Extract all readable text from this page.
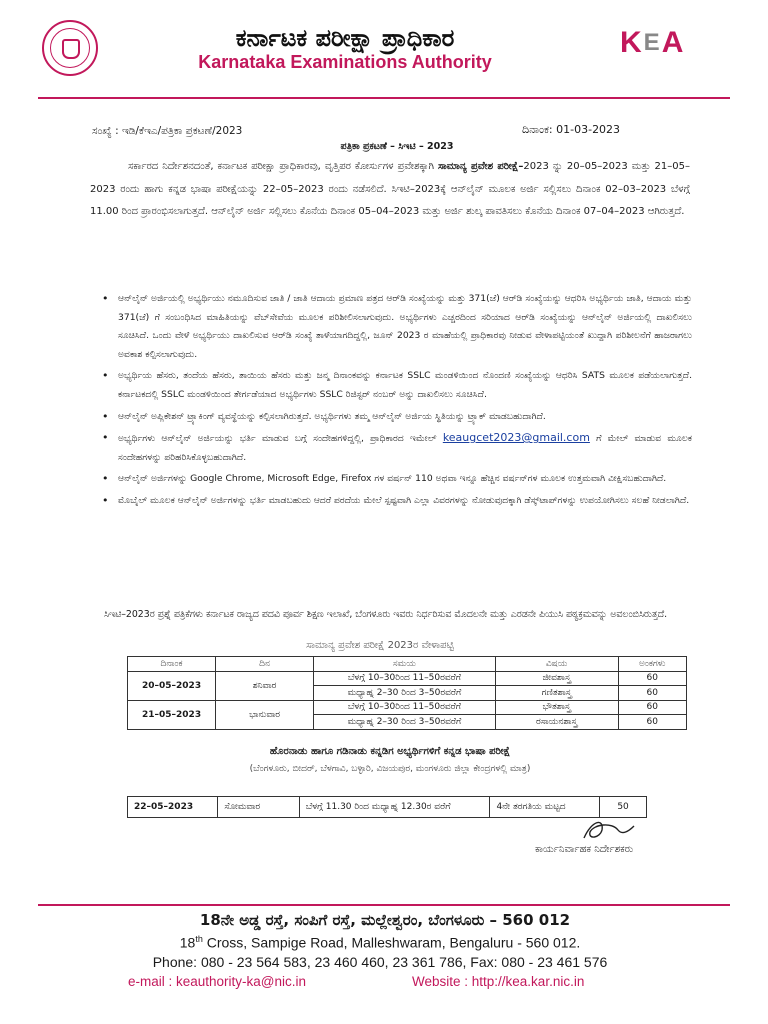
ಕರ್ನಾಟಕ ಪರೀಕ್ಷಾ ಪ್ರಾಧಿಕಾರ
Karnataka Examinations Authority
KEA
ಸಂಖ್ಯೆ : ಇಡಿ/ಕೆಇಎ/ಪತ್ರಿಕಾ ಪ್ರಕಟಣೆ/2023	ದಿನಾಂಕ: 01-03-2023
ಪತ್ರಿಕಾ ಪ್ರಕಟಣೆ – ಸಿಇಟಿ – 2023
ಸರ್ಕಾರದ ನಿರ್ದೇಶನದಂತೆ, ಕರ್ನಾಟಕ ಪರೀಕ್ಷಾ ಪ್ರಾಧಿಕಾರವು, ವೃತ್ತಿಪರ ಕೋರ್ಸುಗಳ ಪ್ರವೇಶಕ್ಕಾಗಿ ಸಾಮಾನ್ಯ ಪ್ರವೇಶ ಪರೀಕ್ಷೆ–2023 ನ್ನು 20–05–2023 ಮತ್ತು 21–05–2023 ರಂದು ಹಾಗು ಕನ್ನಡ ಭಾಷಾ ಪರೀಕ್ಷೆಯನ್ನು 22–05–2023 ರಂದು ನಡೆಸಲಿದೆ. ಸಿಇಟಿ–2023ಕ್ಕೆ ಆನ್‌ಲೈನ್ ಮೂಲಕ ಅರ್ಜಿ ಸಲ್ಲಿಸಲು ದಿನಾಂಕ 02–03–2023 ಬೆಳಗ್ಗೆ 11.00 ರಿಂದ ಪ್ರಾರಂಭಿಸಲಾಗುತ್ತದೆ. ಆನ್‌ಲೈನ್ ಅರ್ಜಿ ಸಲ್ಲಿಸಲು ಕೊನೆಯ ದಿನಾಂಕ 05–04–2023 ಮತ್ತು ಅರ್ಜಿ ಶುಲ್ಕ ಪಾವತಿಸಲು ಕೊನೆಯ ದಿನಾಂಕ 07–04–2023 ಆಗಿರುತ್ತದೆ.
• ಆನ್‌ಲೈನ್ ಅರ್ಜಿಯಲ್ಲಿ ಅಭ್ಯರ್ಥಿಯು ನಮೂದಿಸುವ ಜಾತಿ / ಜಾತಿ ಆದಾಯ ಪ್ರಮಾಣ ಪತ್ರದ ಆರ್‌ಡಿ ಸಂಖ್ಯೆಯನ್ನು ಮತ್ತು 371(ಜೆ) ಆರ್‌ಡಿ ಸಂಖ್ಯೆಯನ್ನು ಆಧರಿಸಿ ಅಭ್ಯರ್ಥಿಯ ಜಾತಿ, ಆದಾಯ ಮತ್ತು 371(ಜೆ) ಗೆ ಸಂಬಂಧಿಸಿದ ಮಾಹಿತಿಯನ್ನು ವೆಬ್‌ಸೇವೆಯ ಮೂಲಕ ಪರಿಶೀಲಿಸಲಾಗುವುದು. ಅಭ್ಯರ್ಥಿಗಳು ಎಚ್ಚರದಿಂದ ಸರಿಯಾದ ಆರ್‌ಡಿ ಸಂಖ್ಯೆಯನ್ನು ಆನ್‌ಲೈನ್ ಅರ್ಜಿಯಲ್ಲಿ ದಾಖಲಿಸಲು ಸೂಚಿಸಿದೆ. ಒಂದು ವೇಳೆ ಅಭ್ಯರ್ಥಿಯು ದಾಖಲಿಸುವ ಆರ್‌ಡಿ ಸಂಖ್ಯೆ ತಾಳೆಯಾಗದಿದ್ದಲ್ಲಿ, ಜೂನ್ 2023 ರ ಮಾಹೆಯಲ್ಲಿ ಪ್ರಾಧಿಕಾರವು ನೀಡುವ ವೇಳಾಪಟ್ಟಿಯಂತೆ ಖುದ್ದಾಗಿ ಪರಿಶೀಲನೆಗೆ ಹಾಜರಾಗಲು ಅವಕಾಶ ಕಲ್ಪಿಸಲಾಗುವುದು.
• ಅಭ್ಯರ್ಥಿಯ ಹೆಸರು, ತಂದೆಯ ಹೆಸರು, ತಾಯಿಯ ಹೆಸರು ಮತ್ತು ಜನ್ಮ ದಿನಾಂಕವನ್ನು ಕರ್ನಾಟಕ SSLC ಮಂಡಳಿಯಿಂದ ನೊಂದಣಿ ಸಂಖ್ಯೆಯನ್ನು ಆಧರಿಸಿ SATS ಮೂಲಕ ಪಡೆಯಲಾಗುತ್ತದೆ. ಕರ್ನಾಟಕದಲ್ಲಿ SSLC ಮಂಡಳಿಯಿಂದ ತೇರ್ಗಡೆಯಾದ ಅಭ್ಯರ್ಥಿಗಳು SSLC ರಿಜಿಸ್ಟರ್ ನಂಬರ್ ಅನ್ನು ದಾಖಲಿಸಲು ಸೂಚಿಸಿದೆ.
• ಆನ್‌ಲೈನ್ ಅಪ್ಲಿಕೇಶನ್ ಟ್ರ್ಯಾಕಿಂಗ್ ವ್ಯವಸ್ಥೆಯನ್ನು ಕಲ್ಪಿಸಲಾಗಿರುತ್ತದೆ. ಅಭ್ಯರ್ಥಿಗಳು ತಮ್ಮ ಆನ್‌ಲೈನ್ ಅರ್ಜಿಯ ಸ್ಥಿತಿಯನ್ನು ಟ್ರ್ಯಾಕ್ ಮಾಡಬಹುದಾಗಿದೆ.
• ಅಭ್ಯರ್ಥಿಗಳು ಆನ್‌ಲೈನ್ ಅರ್ಜಿಯನ್ನು ಭರ್ತಿ ಮಾಡುವ ಬಗ್ಗೆ ಸಂದೇಹಗಳಿದ್ದಲ್ಲಿ, ಪ್ರಾಧಿಕಾರದ ಇಮೇಲ್ keaugcet2023@gmail.com ಗೆ ಮೇಲ್ ಮಾಡುವ ಮೂಲಕ ಸಂದೇಹಗಳನ್ನು ಪರಿಹರಿಸಿಕೊಳ್ಳಬಹುದಾಗಿದೆ.
• ಆನ್‌ಲೈನ್ ಅರ್ಜಿಗಳನ್ನು Google Chrome, Microsoft Edge, Firefox ಗಳ ವರ್ಷನ್ 110 ಅಥವಾ ಇನ್ನೂ ಹೆಚ್ಚಿನ ವರ್ಷನ್‌ಗಳ ಮೂಲಕ ಉತ್ತಮವಾಗಿ ವೀಕ್ಷಿಸಬಹುದಾಗಿದೆ.
• ಮೊಬೈಲ್ ಮೂಲಕ ಆನ್‌ಲೈನ್ ಅರ್ಜಿಗಳನ್ನು ಭರ್ತಿ ಮಾಡಬಹುದು ಆದರೆ ಪರದೆಯ ಮೇಲೆ ಸ್ಪಷ್ಟವಾಗಿ ಎಲ್ಲಾ ವಿವರಗಳನ್ನು ನೋಡುವುದಕ್ಕಾಗಿ ಡೆಸ್ಕ್‌ಟಾಪ್‌ಗಳನ್ನು ಉಪಯೋಗಿಸಲು ಸಲಹೆ ನೀಡಲಾಗಿದೆ.
ಸಿಇಟಿ–2023ರ ಪ್ರಶ್ನೆ ಪತ್ರಿಕೆಗಳು ಕರ್ನಾಟಕ ರಾಜ್ಯದ ಪದವಿ ಪೂರ್ವ ಶಿಕ್ಷಣ ಇಲಾಖೆ, ಬೆಂಗಳೂರು ಇವರು ನಿರ್ಧರಿಸುವ ಮೊದಲನೇ ಮತ್ತು ಎರಡನೇ ಪಿಯುಸಿ ಪಠ್ಯಕ್ರಮವನ್ನು ಅವಲಂಬಿಸಿರುತ್ತದೆ.
ಸಾಮಾನ್ಯ ಪ್ರವೇಶ ಪರೀಕ್ಷೆ 2023ರ ವೇಳಾಪಟ್ಟಿ
ದಿನಾಂಕ	ದಿನ	ಸಮಯ	ವಿಷಯ	ಅಂಕಗಳು
20–05–2023	ಶನಿವಾರ	ಬೆಳಗ್ಗೆ 10–30ರಿಂದ 11–50ರವರೆಗೆ	ಜೀವಶಾಸ್ತ್ರ	60
		ಮಧ್ಯಾಹ್ನ 2–30 ರಿಂದ 3–50ರವರೆಗೆ	ಗಣಿತಶಾಸ್ತ್ರ	60
21–05–2023	ಭಾನುವಾರ	ಬೆಳಗ್ಗೆ 10–30ರಿಂದ 11–50ರವರೆಗೆ	ಭೌತಶಾಸ್ತ್ರ	60
		ಮಧ್ಯಾಹ್ನ 2–30 ರಿಂದ 3–50ರವರೆಗೆ	ರಸಾಯನಶಾಸ್ತ್ರ	60
ಹೊರನಾಡು ಹಾಗೂ ಗಡಿನಾಡು ಕನ್ನಡಿಗ ಅಭ್ಯರ್ಥಿಗಳಿಗೆ ಕನ್ನಡ ಭಾಷಾ ಪರೀಕ್ಷೆ
(ಬೆಂಗಳೂರು, ಬೀದರ್, ಬೆಳಗಾವಿ, ಬಳ್ಳಾರಿ, ವಿಜಯಪುರ, ಮಂಗಳೂರು ಜಿಲ್ಲಾ ಕೇಂದ್ರಗಳಲ್ಲಿ ಮಾತ್ರ)
22–05–2023	ಸೋಮವಾರ	ಬೆಳಗ್ಗೆ 11.30 ರಿಂದ ಮಧ್ಯಾಹ್ನ 12.30ರ ವರೆಗೆ	4ನೇ ತರಗತಿಯ ಮಟ್ಟದ	50
ಕಾರ್ಯನಿರ್ವಾಹಕ ನಿರ್ದೇಶಕರು
18ನೇ ಅಡ್ಡ ರಸ್ತೆ, ಸಂಪಿಗೆ ರಸ್ತೆ, ಮಲ್ಲೇಶ್ವರಂ, ಬೆಂಗಳೂರು – 560 012
18th Cross, Sampige Road, Malleshwaram, Bengaluru - 560 012.
Phone: 080 - 23 564 583, 23 460 460, 23 361 786, Fax: 080 - 23 461 576
e-mail : keauthority-ka@nic.in	Website : http://kea.kar.nic.in
